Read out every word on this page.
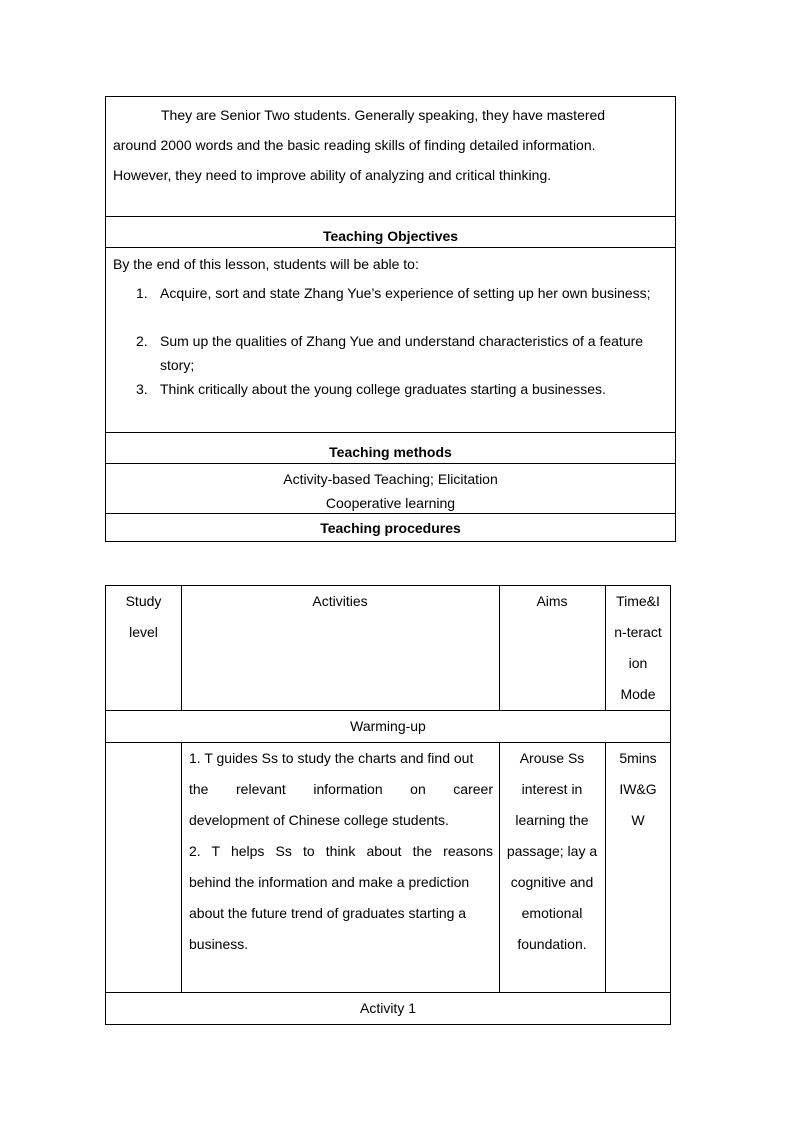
They are Senior Two students. Generally speaking, they have mastered
around 2000 words and the basic reading skills of finding detailed information.
However, they need to improve ability of analyzing and critical thinking.
Teaching Objectives
By the end of this lesson, students will be able to:
1. Acquire, sort and state Zhang Yue’s experience of setting up her own business;
2. Sum up the qualities of Zhang Yue and understand characteristics of a feature story;
3. Think critically about the young college graduates starting a businesses.
Teaching methods
Activity-based Teaching; Elicitation
Cooperative learning
Teaching procedures
Study
level
Activities	Aims	Time&I
n-teract
ion
Mode
Warming-up
1. T guides Ss to study the charts and find out
the relevant information on career
development of Chinese college students.
2. T helps Ss to think about the reasons
behind the information and make a prediction
about the future trend of graduates starting a
business.
Arouse Ss
interest in
learning the
passage; lay a
cognitive and
emotional
foundation.
5mins
IW&G
W
Activity 1
